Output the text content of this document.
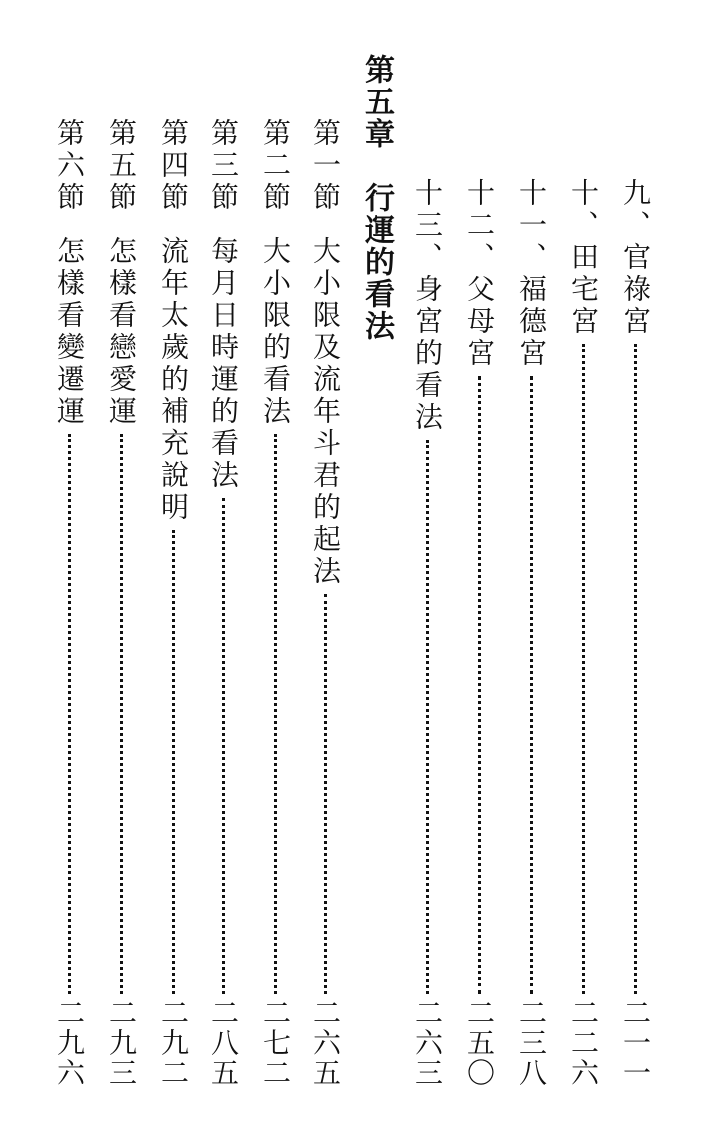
九、官祿宮
二一一
十、田宅宮
二二六
十一、福德宮
二三八
十二、父母宮
二五〇
十三、身宮的看法
二六三
第五章
行運的看法
第一節
大小限及流年斗君的起法
二六五
第二節
大小限的看法
二七二
第三節
每月日時運的看法
二八五
第四節
流年太歲的補充說明
二九二
第五節
怎樣看戀愛運
二九三
第六節
怎樣看變遷運
二九六
